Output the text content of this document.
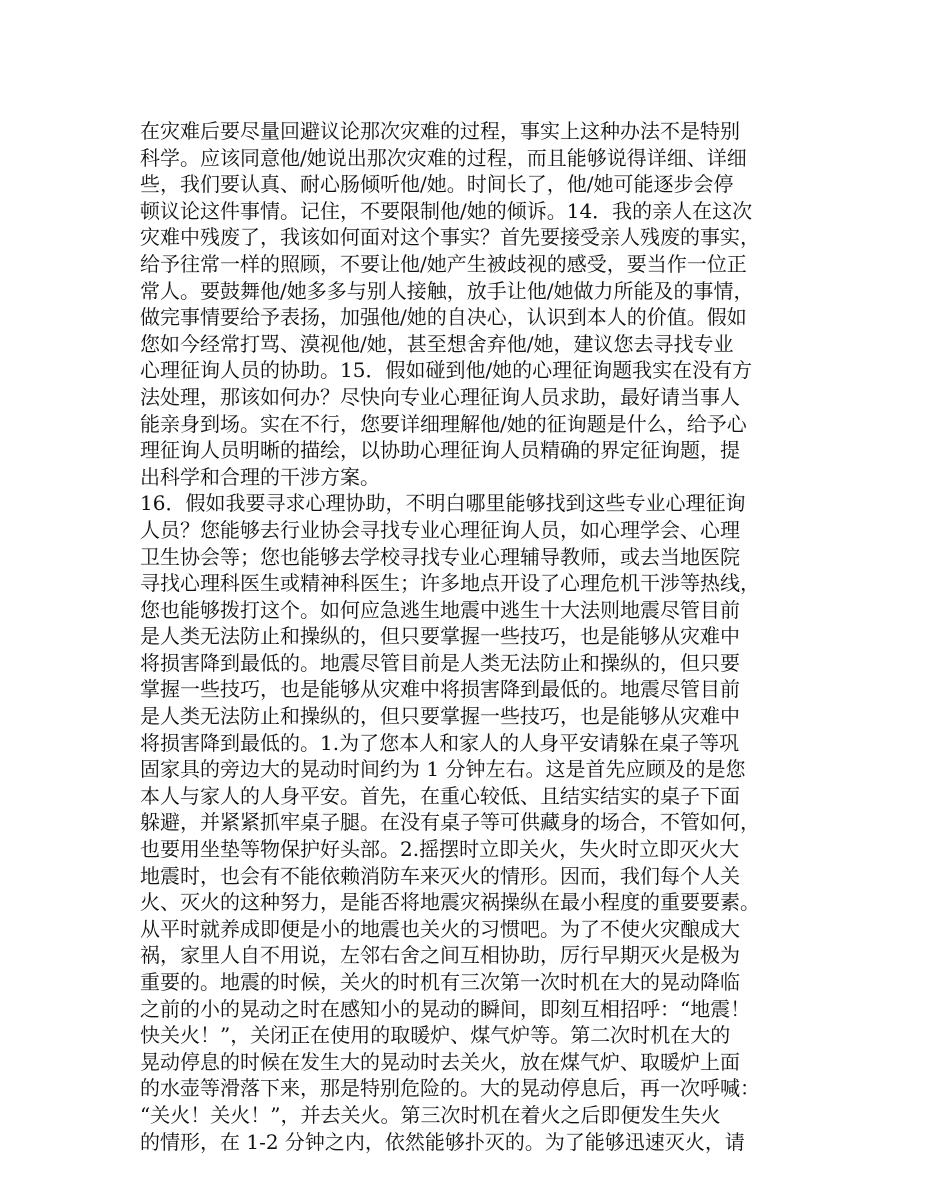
在灾难后要尽量回避议论那次灾难的过程，事实上这种办法不是特别
科学。应该同意他/她说出那次灾难的过程，而且能够说得详细、详细
些，我们要认真、耐心肠倾听他/她。时间长了，他/她可能逐步会停
顿议论这件事情。记住，不要限制他/她的倾诉。14．我的亲人在这次
灾难中残废了，我该如何面对这个事实？首先要接受亲人残废的事实，
给予往常一样的照顾，不要让他/她产生被歧视的感受，要当作一位正
常人。要鼓舞他/她多多与别人接触，放手让他/她做力所能及的事情，
做完事情要给予表扬，加强他/她的自决心，认识到本人的价值。假如
您如今经常打骂、漠视他/她，甚至想舍弃他/她，建议您去寻找专业
心理征询人员的协助。15．假如碰到他/她的心理征询题我实在没有方
法处理，那该如何办？尽快向专业心理征询人员求助，最好请当事人
能亲身到场。实在不行，您要详细理解他/她的征询题是什么，给予心
理征询人员明晰的描绘，以协助心理征询人员精确的界定征询题，提
出科学和合理的干涉方案。
16．假如我要寻求心理协助，不明白哪里能够找到这些专业心理征询
人员？您能够去行业协会寻找专业心理征询人员，如心理学会、心理
卫生协会等；您也能够去学校寻找专业心理辅导教师，或去当地医院
寻找心理科医生或精神科医生；许多地点开设了心理危机干涉等热线，
您也能够拨打这个。如何应急逃生地震中逃生十大法则地震尽管目前
是人类无法防止和操纵的，但只要掌握一些技巧，也是能够从灾难中
将损害降到最低的。地震尽管目前是人类无法防止和操纵的，但只要
掌握一些技巧，也是能够从灾难中将损害降到最低的。地震尽管目前
是人类无法防止和操纵的，但只要掌握一些技巧，也是能够从灾难中
将损害降到最低的。1.为了您本人和家人的人身平安请躲在桌子等巩
固家具的旁边大的晃动时间约为 1 分钟左右。这是首先应顾及的是您
本人与家人的人身平安。首先，在重心较低、且结实结实的桌子下面
躲避，并紧紧抓牢桌子腿。在没有桌子等可供藏身的场合，不管如何，
也要用坐垫等物保护好头部。2.摇摆时立即关火，失火时立即灭火大
地震时，也会有不能依赖消防车来灭火的情形。因而，我们每个人关
火、灭火的这种努力，是能否将地震灾祸操纵在最小程度的重要要素。
从平时就养成即便是小的地震也关火的习惯吧。为了不使火灾酿成大
祸，家里人自不用说，左邻右舍之间互相协助，厉行早期灭火是极为
重要的。地震的时候，关火的时机有三次第一次时机在大的晃动降临
之前的小的晃动之时在感知小的晃动的瞬间，即刻互相招呼：“地震！
快关火！”，关闭正在使用的取暖炉、煤气炉等。第二次时机在大的
晃动停息的时候在发生大的晃动时去关火，放在煤气炉、取暖炉上面
的水壶等滑落下来，那是特别危险的。大的晃动停息后，再一次呼喊：
“关火！关火！”，并去关火。第三次时机在着火之后即便发生失火
的情形，在 1-2 分钟之内，依然能够扑灭的。为了能够迅速灭火，请
